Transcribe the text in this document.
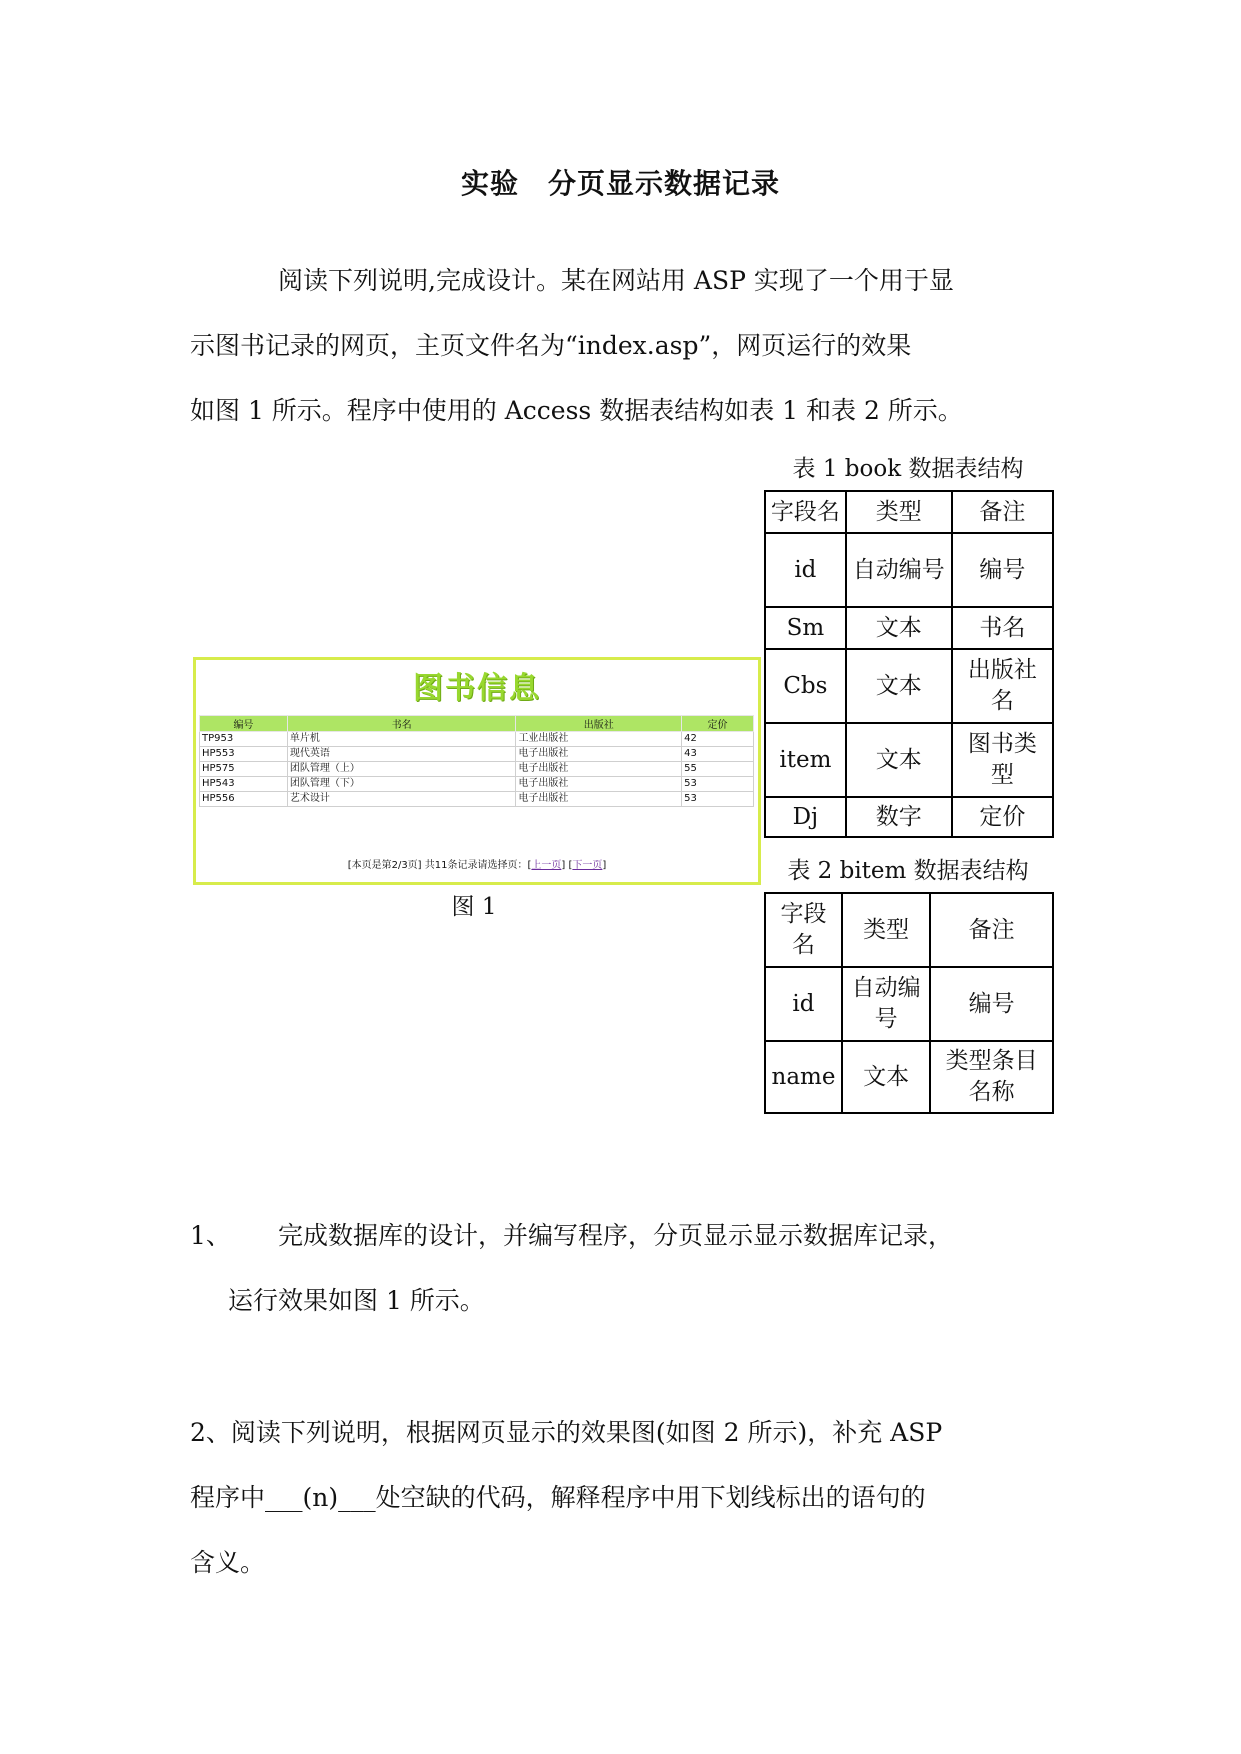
实验　分页显示数据记录
阅读下列说明,完成设计。某在网站用 ASP 实现了一个用于显
示图书记录的网页，主页文件名为“index.asp”，网页运行的效果
如图 1 所示。程序中使用的 Access 数据表结构如表 1 和表 2 所示。
表 1 book 数据表结构
字段名	类型	备注
id	自动编号	编号
Sm	文本	书名
Cbs	文本	出版社名
item	文本	图书类型
Dj	数字	定价
表 2 bitem 数据表结构
字段名	类型	备注
id	自动编号	编号
name	文本	类型条目名称
图书信息
编号	书名	出版社	定价
TP953	单片机	工业出版社	42
HP553	现代英语	电子出版社	43
HP575	团队管理（上）	电子出版社	55
HP543	团队管理（下）	电子出版社	53
HP556	艺术设计	电子出版社	53
[本页是第2/3页] 共11条记录请选择页：[上一页] [下一页]
图 1
1、 完成数据库的设计，并编写程序，分页显示显示数据库记录，
运行效果如图 1 所示。
2、阅读下列说明，根据网页显示的效果图(如图 2 所示)，补充 ASP
程序中___(n)___处空缺的代码，解释程序中用下划线标出的语句的
含义。
